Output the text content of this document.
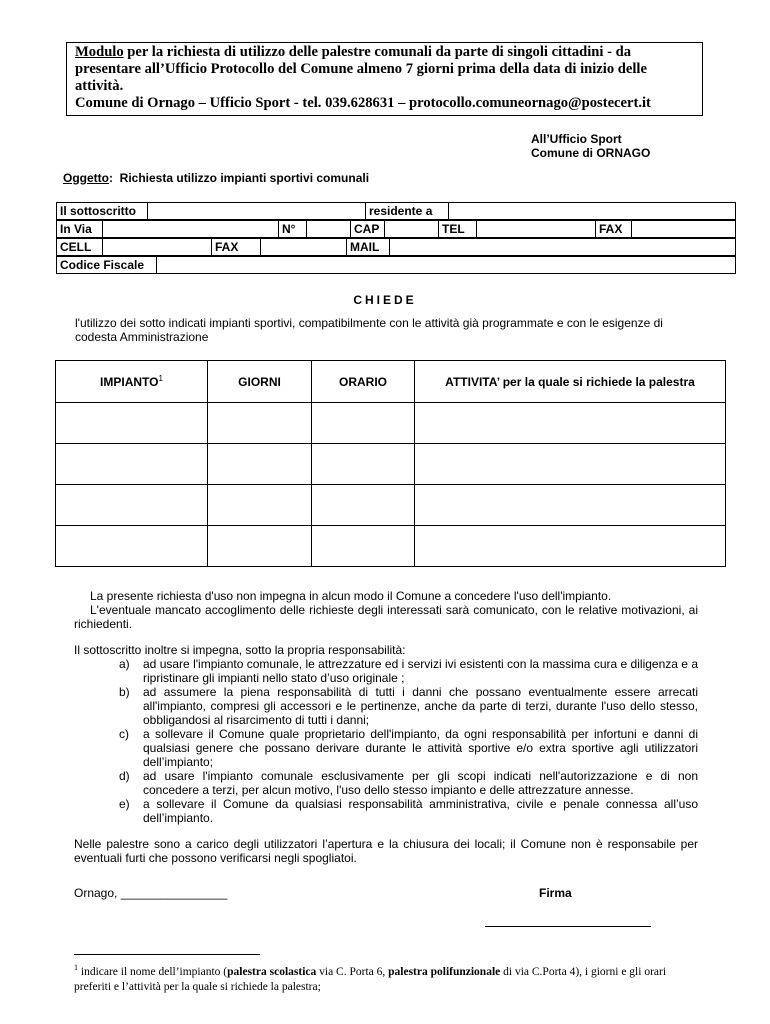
Modulo per la richiesta di utilizzo delle palestre comunali da parte di singoli cittadini - da presentare all’Ufficio Protocollo del Comune almeno 7 giorni prima della data di inizio delle attività.

Comune di Ornago – Ufficio Sport - tel. 039.628631 – protocollo.comuneornago@postecert.it

All’Ufficio Sport
Comune di ORNAGO
Oggetto:  Richiesta utilizzo impianti sportivi comunali
Il sottoscritto		residente a	
In Via		N°		CAP		TEL		FAX	
CELL		FAX		MAIL	
Codice Fiscale	
CHIEDE
l'utilizzo dei sotto indicati impianti sportivi, compatibilmente con le attività già programmate e con le esigenze di codesta Amministrazione
IMPIANTO$^1$	GIORNI	ORARIO	ATTIVITA’ per la quale si richiede la palestra

La presente richiesta d'uso non impegna in alcun modo il Comune a concedere l'uso dell'impianto.

L'eventuale mancato accoglimento delle richieste degli interessati sarà comunicato, con le relative motivazioni, ai richiedenti.

Il sottoscritto inoltre si impegna, sotto la propria responsabilità:

a) ad usare l'impianto comunale, le attrezzature ed i servizi ivi esistenti con la massima cura e diligenza e a ripristinare gli impianti nello stato d’uso originale ;
b) ad assumere la piena responsabilità di tutti i danni che possano eventualmente essere arrecati all'impianto, compresi gli accessori e le pertinenze, anche da parte di terzi, durante l'uso dello stesso, obbligandosi al risarcimento di tutti i danni;
c) a sollevare il Comune quale proprietario dell'impianto, da ogni responsabilità per infortuni e danni di qualsiasi genere che possano derivare durante le attività sportive e/o extra sportive agli utilizzatori dell’impianto;
d) ad usare l'impianto comunale esclusivamente per gli scopi indicati nell'autorizzazione e di non concedere a terzi, per alcun motivo, l'uso dello stesso impianto e delle attrezzature annesse.
e) a sollevare il Comune da qualsiasi responsabilità amministrativa, civile e penale connessa all’uso dell’impianto.

Nelle palestre sono a carico degli utilizzatori l’apertura e la chiusura dei locali; il Comune non è responsabile per eventuali furti che possono verificarsi negli spogliatoi.

Ornago, ________________	Firma
$^1$ indicare il nome dell’impianto (palestra scolastica via C. Porta 6, palestra polifunzionale di via C.Porta 4), i giorni e gli orari preferiti e l’attività per la quale si richiede la palestra;
